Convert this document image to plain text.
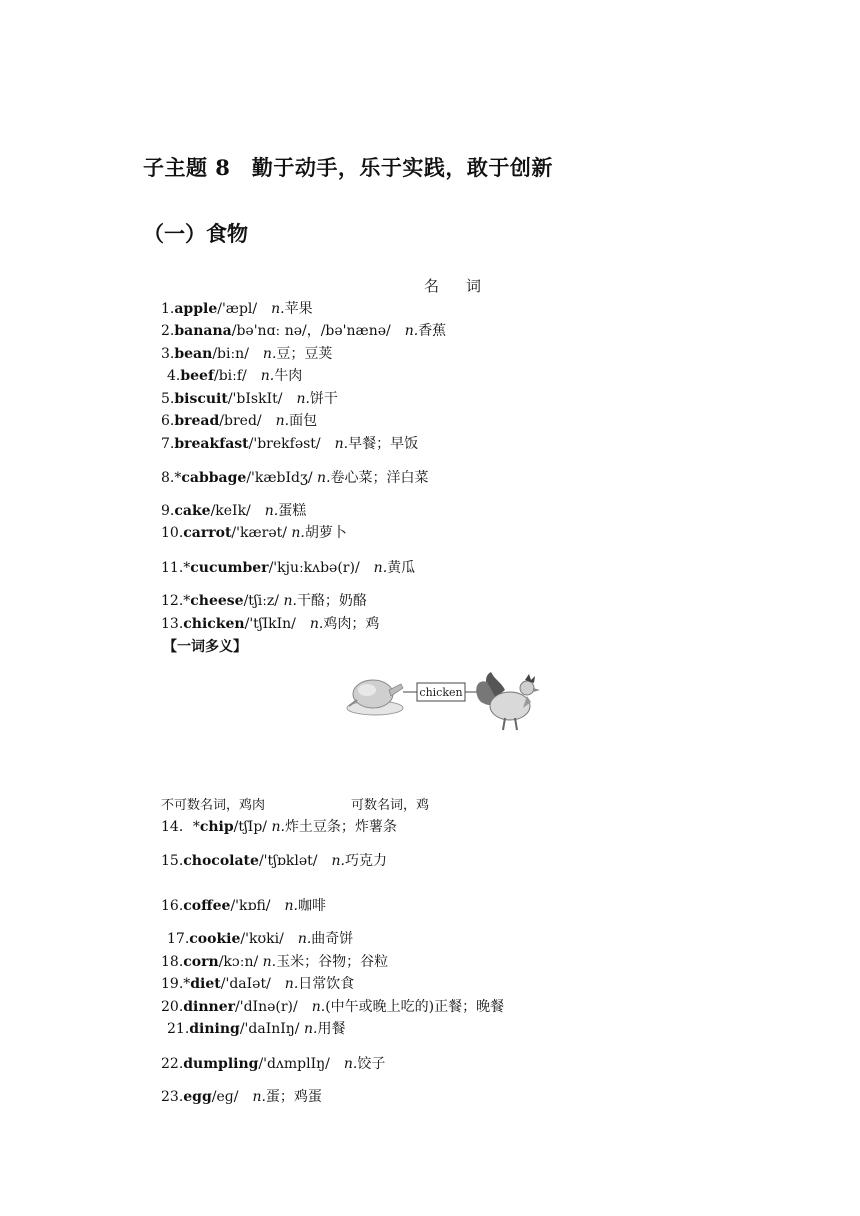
子主题 8　勤于动手，乐于实践，敢于创新
（一）食物
名　词
1.apple/'æpl/　n.苹果
2.banana/bə'nɑː nə/，/bə'nænə/　n.香蕉
3.bean/biːn/　n.豆；豆荚
4.beef/biːf/　n.牛肉
5.biscuit/'bIskIt/　n.饼干
6.bread/bred/　n.面包
7.breakfast/'brekfəst/　n.早餐；早饭
8.*cabbage/'kæbIdʒ/ n.卷心菜；洋白菜
9.cake/keIk/　n.蛋糕
10.carrot/'kærət/ n.胡萝卜
11.*cucumber/'kjuːkʌbə(r)/　n.黄瓜
12.*cheese/tʃiːz/ n.干酪；奶酪
13.chicken/'tʃIkIn/　n.鸡肉；鸡
14．*chip/tʃIp/ n.炸土豆条；炸薯条
15.chocolate/'tʃɒklət/　n.巧克力
16.coffee/'kɒfi/　n.咖啡
17.cookie/'kʊki/　n.曲奇饼
18.corn/kɔːn/ n.玉米；谷物；谷粒
19.*diet/'daIət/　n.日常饮食
20.dinner/'dInə(r)/　n.(中午或晚上吃的)正餐；晚餐
21.dining/'daInIŋ/ n.用餐
22.dumpling/'dʌmplIŋ/　n.饺子
23.egg/eɡ/　n.蛋；鸡蛋
【一词多义】
chicken
不可数名词，鸡肉	可数名词，鸡
